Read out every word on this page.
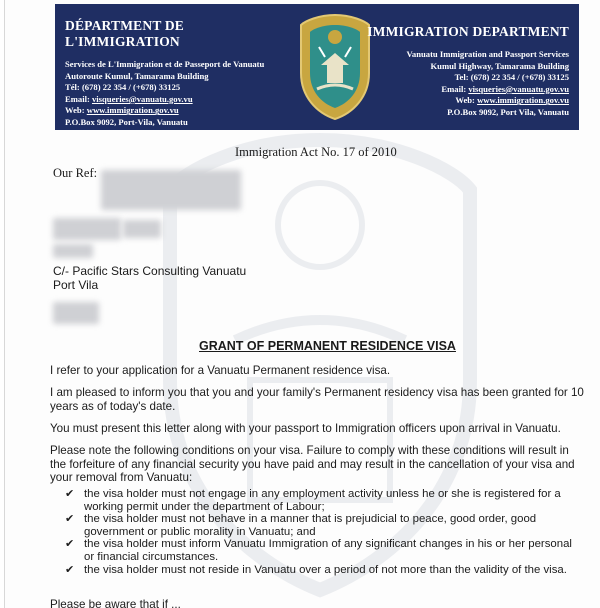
DÉPARTMENT DE L'IMMIGRATION
Services de L'Immigration et de Passeport de Vanuatu
Autoroute Kumul, Tamarama Building
Tél: (678) 22 354 / (+678) 33125
Email: visqueries@vanuatu.gov.vu
Web: www.immigration.gov.vu
P.O.Box 9092, Port-Vila, Vanuatu
IMMIGRATION DEPARTMENT
Vanuatu Immigration and Passport Services
Kumul Highway, Tamarama Building
Tel: (678) 22 354 / (+678) 33125
Email: visqueries@vanuatu.gov.vu
Web: www.immigration.gov.vu
P.O.Box 9092, Port Vila, Vanuatu
Immigration Act No. 17 of 2010
Our Ref:
C/- Pacific Stars Consulting Vanuatu
Port Vila
GRANT OF PERMANENT RESIDENCE VISA
I refer to your application for a Vanuatu Permanent residence visa.
I am pleased to inform you that you and your family's Permanent residency visa has been granted for 10 years as of today's date.
You must present this letter along with your passport to Immigration officers upon arrival in Vanuatu.
Please note the following conditions on your visa. Failure to comply with these conditions will result in the forfeiture of any financial security you have paid and may result in the cancellation of your visa and your removal from Vanuatu:
✔ the visa holder must not engage in any employment activity unless he or she is registered for a working permit under the department of Labour;
✔ the visa holder must not behave in a manner that is prejudicial to peace, good order, good government or public morality in Vanuatu; and
✔ the visa holder must inform Vanuatu Immigration of any significant changes in his or her personal or financial circumstances.
✔ the visa holder must not reside in Vanuatu over a period of not more than the validity of the visa.
Please be aware that if ...
